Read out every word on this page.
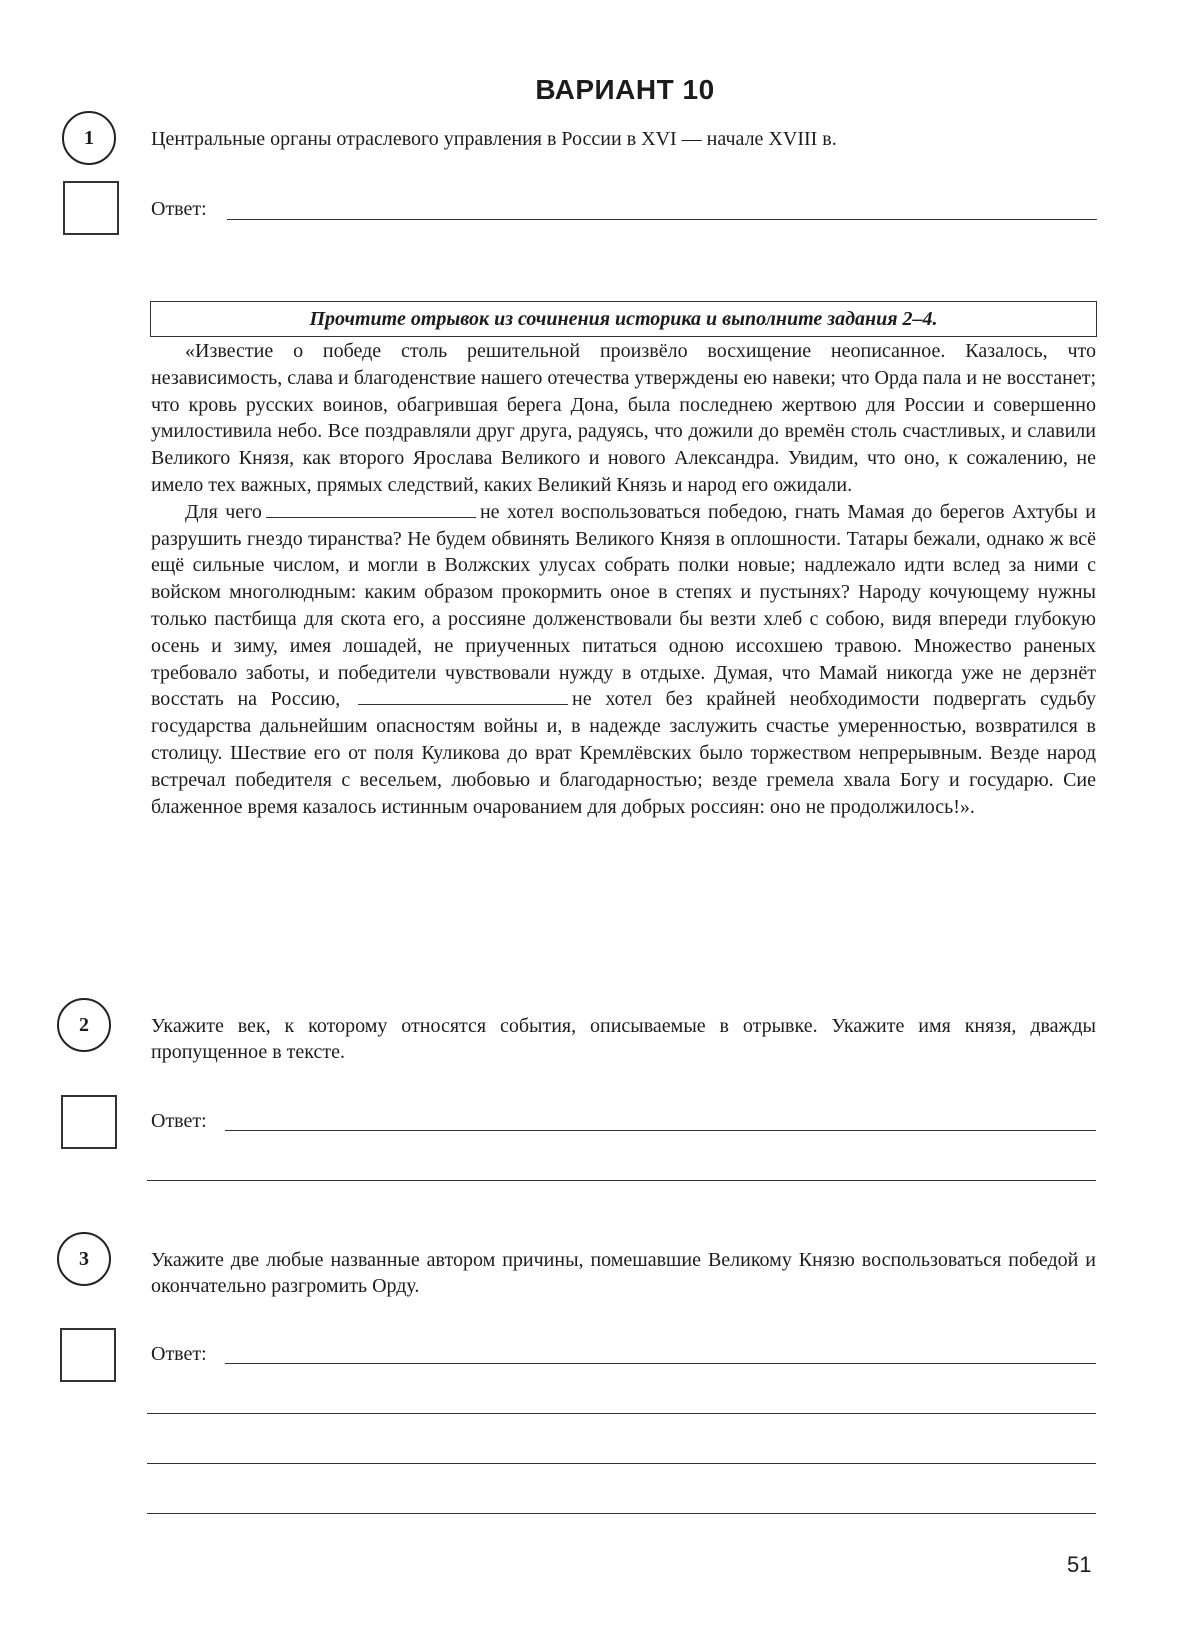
ВАРИАНТ 10
1	Центральные органы отраслевого управления в России в XVI — начале XVIII в.
Ответ:
Прочтите отрывок из сочинения историка и выполните задания 2–4.

«Известие о победе столь решительной произвёло восхищение неописанное. Казалось, что независимость, слава и благоденствие нашего отечества утверждены ею навеки; что Орда пала и не восстанет; что кровь русских воинов, обагрившая берега Дона, была последнею жертвою для России и совершенно умилостивила небо. Все поздравляли друг друга, радуясь, что дожили до времён столь счастливых, и славили Великого Князя, как второго Ярослава Великого и нового Александра. Увидим, что оно, к сожалению, не имело тех важных, прямых следствий, каких Великий Князь и народ его ожидали.

Для чего	не хотел воспользоваться победою, гнать Мамая до берегов Ахтубы и разрушить гнездо тиранства? Не будем обвинять Великого Князя в оплошности. Татары бежали, однако ж всё ещё сильные числом, и могли в Волжских улусах собрать полки новые; надлежало идти вслед за ними с войском многолюдным: каким образом прокормить оное в степях и пустынях? Народу кочующему нужны только пастбища для скота его, а россияне долженствовали бы везти хлеб с собою, видя впереди глубокую осень и зиму, имея лошадей, не приученных питаться одною иссохшею травою. Множество раненых требовало заботы, и победители чувствовали нужду в отдыхе. Думая, что Мамай никогда уже не дерзнёт восстать на Россию,	не хотел без крайней необходимости подвергать судьбу государства дальнейшим опасностям войны и, в надежде заслужить счастье умеренностью, возвратился в столицу. Шествие его от поля Куликова до врат Кремлёвских было торжеством непрерывным. Везде народ встречал победителя с весельем, любовью и благодарностью; везде гремела хвала Богу и государю. Сие блаженное время казалось истинным очарованием для добрых россиян: оно не продолжилось!».

2	Укажите век, к которому относятся события, описываемые в отрывке. Укажите имя князя, дважды пропущенное в тексте.
Ответ:
3	Укажите две любые названные автором причины, помешавшие Великому Князю воспользоваться победой и окончательно разгромить Орду.
Ответ:
51
